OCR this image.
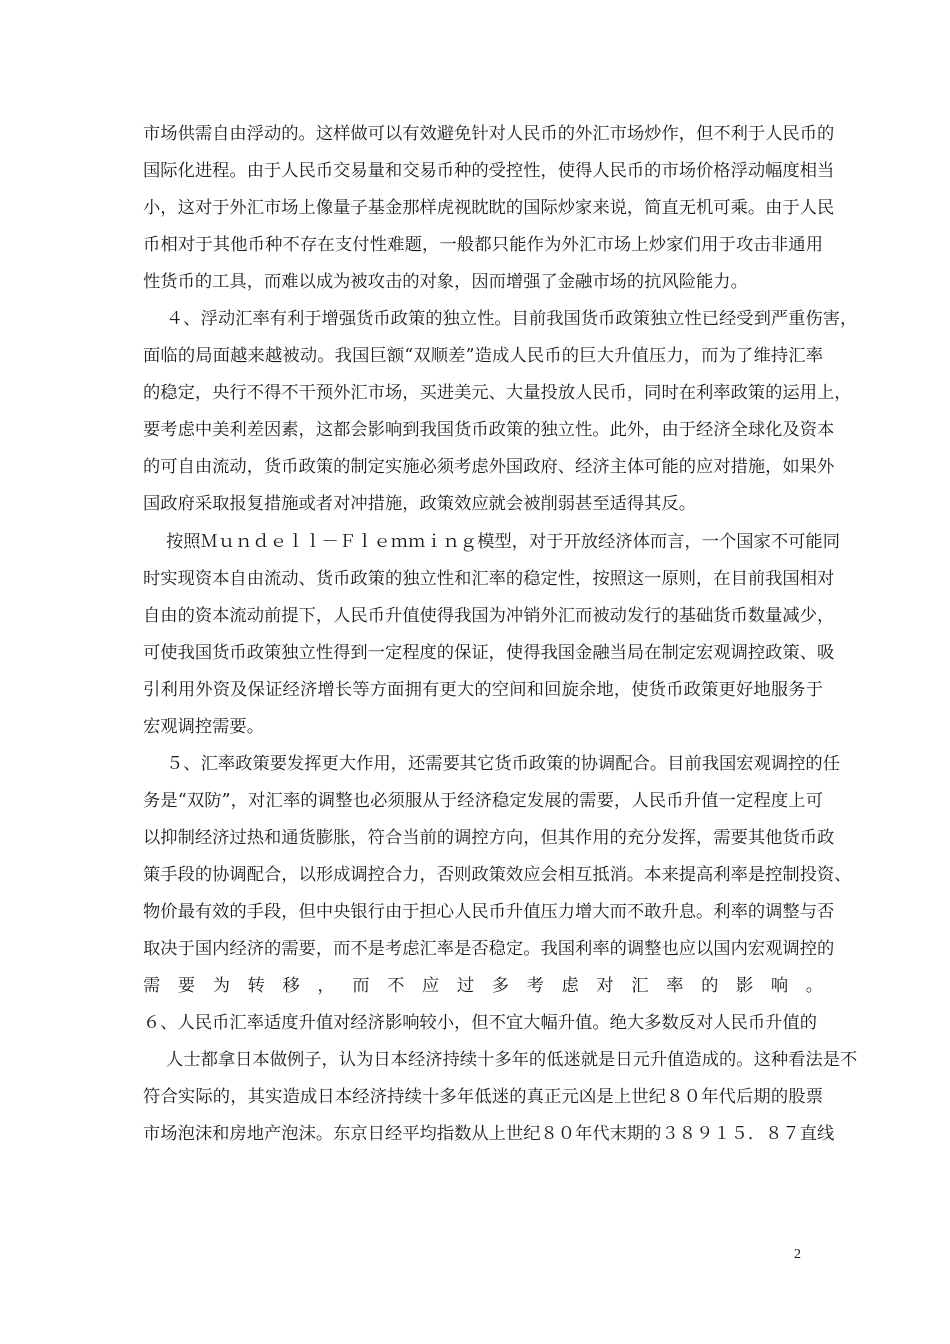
市场供需自由浮动的。这样做可以有效避免针对人民币的外汇市场炒作，但不利于人民币的
国际化进程。由于人民币交易量和交易币种的受控性，使得人民币的市场价格浮动幅度相当
小，这对于外汇市场上像量子基金那样虎视眈眈的国际炒家来说，简直无机可乘。由于人民
币相对于其他币种不存在支付性难题，一般都只能作为外汇市场上炒家们用于攻击非通用
性货币的工具，而难以成为被攻击的对象，因而增强了金融市场的抗风险能力。
４、浮动汇率有利于增强货币政策的独立性。目前我国货币政策独立性已经受到严重伤害，
面临的局面越来越被动。我国巨额“双顺差”造成人民币的巨大升值压力，而为了维持汇率
的稳定，央行不得不干预外汇市场，买进美元、大量投放人民币，同时在利率政策的运用上，
要考虑中美利差因素，这都会影响到我国货币政策的独立性。此外，由于经济全球化及资本
的可自由流动，货币政策的制定实施必须考虑外国政府、经济主体可能的应对措施，如果外
国政府采取报复措施或者对冲措施，政策效应就会被削弱甚至适得其反。
按照Ｍｕｎｄｅｌｌ－Ｆｌｅｍｍｉｎｇ模型，对于开放经济体而言，一个国家不可能同
时实现资本自由流动、货币政策的独立性和汇率的稳定性，按照这一原则，在目前我国相对
自由的资本流动前提下，人民币升值使得我国为冲销外汇而被动发行的基础货币数量减少，
可使我国货币政策独立性得到一定程度的保证，使得我国金融当局在制定宏观调控政策、吸
引利用外资及保证经济增长等方面拥有更大的空间和回旋余地，使货币政策更好地服务于
宏观调控需要。
５、汇率政策要发挥更大作用，还需要其它货币政策的协调配合。目前我国宏观调控的任
务是“双防”，对汇率的调整也必须服从于经济稳定发展的需要，人民币升值一定程度上可
以抑制经济过热和通货膨胀，符合当前的调控方向，但其作用的充分发挥，需要其他货币政
策手段的协调配合，以形成调控合力，否则政策效应会相互抵消。本来提高利率是控制投资、
物价最有效的手段，但中央银行由于担心人民币升值压力增大而不敢升息。利率的调整与否
取决于国内经济的需要，而不是考虑汇率是否稳定。我国利率的调整也应以国内宏观调控的
需要为转移，而不应过多考虑对汇率的影响。
６、人民币汇率适度升值对经济影响较小，但不宜大幅升值。绝大多数反对人民币升值的
人士都拿日本做例子，认为日本经济持续十多年的低迷就是日元升值造成的。这种看法是不
符合实际的，其实造成日本经济持续十多年低迷的真正元凶是上世纪８０年代后期的股票
市场泡沫和房地产泡沫。东京日经平均指数从上世纪８０年代末期的３８９１５．８７直线
2
